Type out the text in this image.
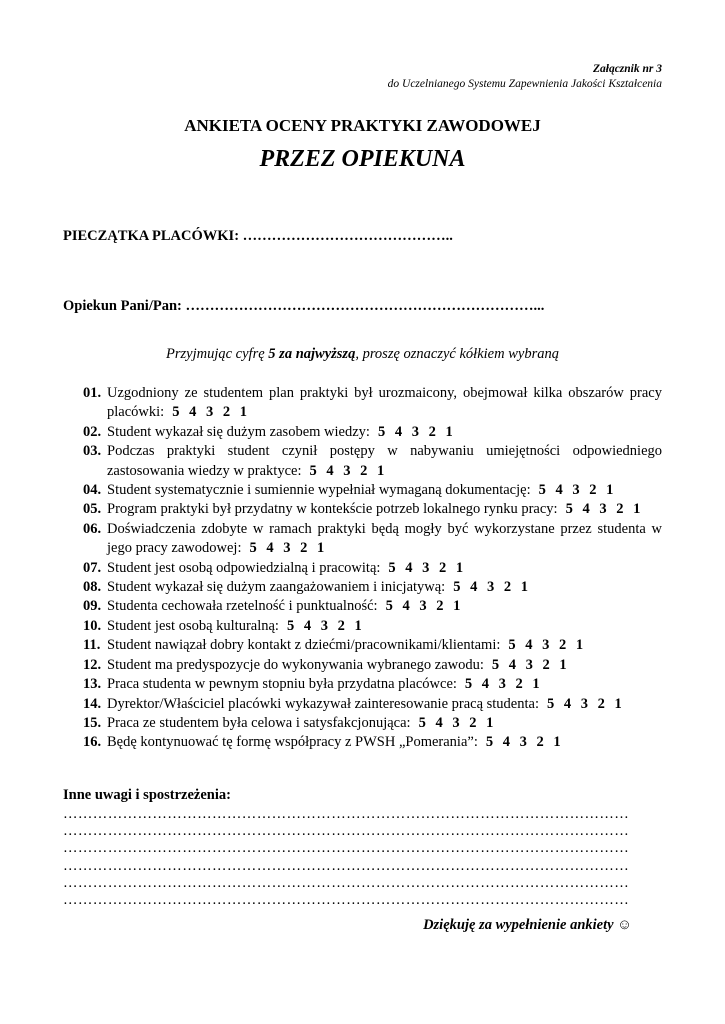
Załącznik nr 3
do Uczelnianego Systemu Zapewnienia Jakości Kształcenia
ANKIETA OCENY PRAKTYKI ZAWODOWEJ
PRZEZ OPIEKUNA
PIECZĄTKA PLACÓWKI: ……………………………………..
Opiekun Pani/Pan: ………………………………………………………………...
Przyjmując cyfrę 5 za najwyższą, proszę oznaczyć kółkiem wybraną
01. Uzgodniony ze studentem plan praktyki był urozmaicony, obejmował kilka obszarów pracy placówki: 5 4 3 2 1
02. Student wykazał się dużym zasobem wiedzy: 5 4 3 2 1
03. Podczas praktyki student czynił postępy w nabywaniu umiejętności odpowiedniego zastosowania wiedzy w praktyce: 5 4 3 2 1
04. Student systematycznie i sumiennie wypełniał wymaganą dokumentację: 5 4 3 2 1
05. Program praktyki był przydatny w kontekście potrzeb lokalnego rynku pracy: 5 4 3 2 1
06. Doświadczenia zdobyte w ramach praktyki będą mogły być wykorzystane przez studenta w jego pracy zawodowej: 5 4 3 2 1
07. Student jest osobą odpowiedzialną i pracowitą: 5 4 3 2 1
08. Student wykazał się dużym zaangażowaniem i inicjatywą: 5 4 3 2 1
09. Studenta cechowała rzetelność i punktualność: 5 4 3 2 1
10. Student jest osobą kulturalną: 5 4 3 2 1
11. Student nawiązał dobry kontakt z dziećmi/pracownikami/klientami: 5 4 3 2 1
12. Student ma predyspozycje do wykonywania wybranego zawodu: 5 4 3 2 1
13. Praca studenta w pewnym stopniu była przydatna placówce: 5 4 3 2 1
14. Dyrektor/Właściciel placówki wykazywał zainteresowanie pracą studenta: 5 4 3 2 1
15. Praca ze studentem była celowa i satysfakcjonująca: 5 4 3 2 1
16. Będę kontynuować tę formę współpracy z PWSH „Pomerania”: 5 4 3 2 1
Inne uwagi i spostrzeżenia:
……………………………………………………………………………………………………
……………………………………………………………………………………………………
……………………………………………………………………………………………………
……………………………………………………………………………………………………
……………………………………………………………………………………………………
……………………………………………………………………………………………………
Dziękuję za wypełnienie ankiety ☺
